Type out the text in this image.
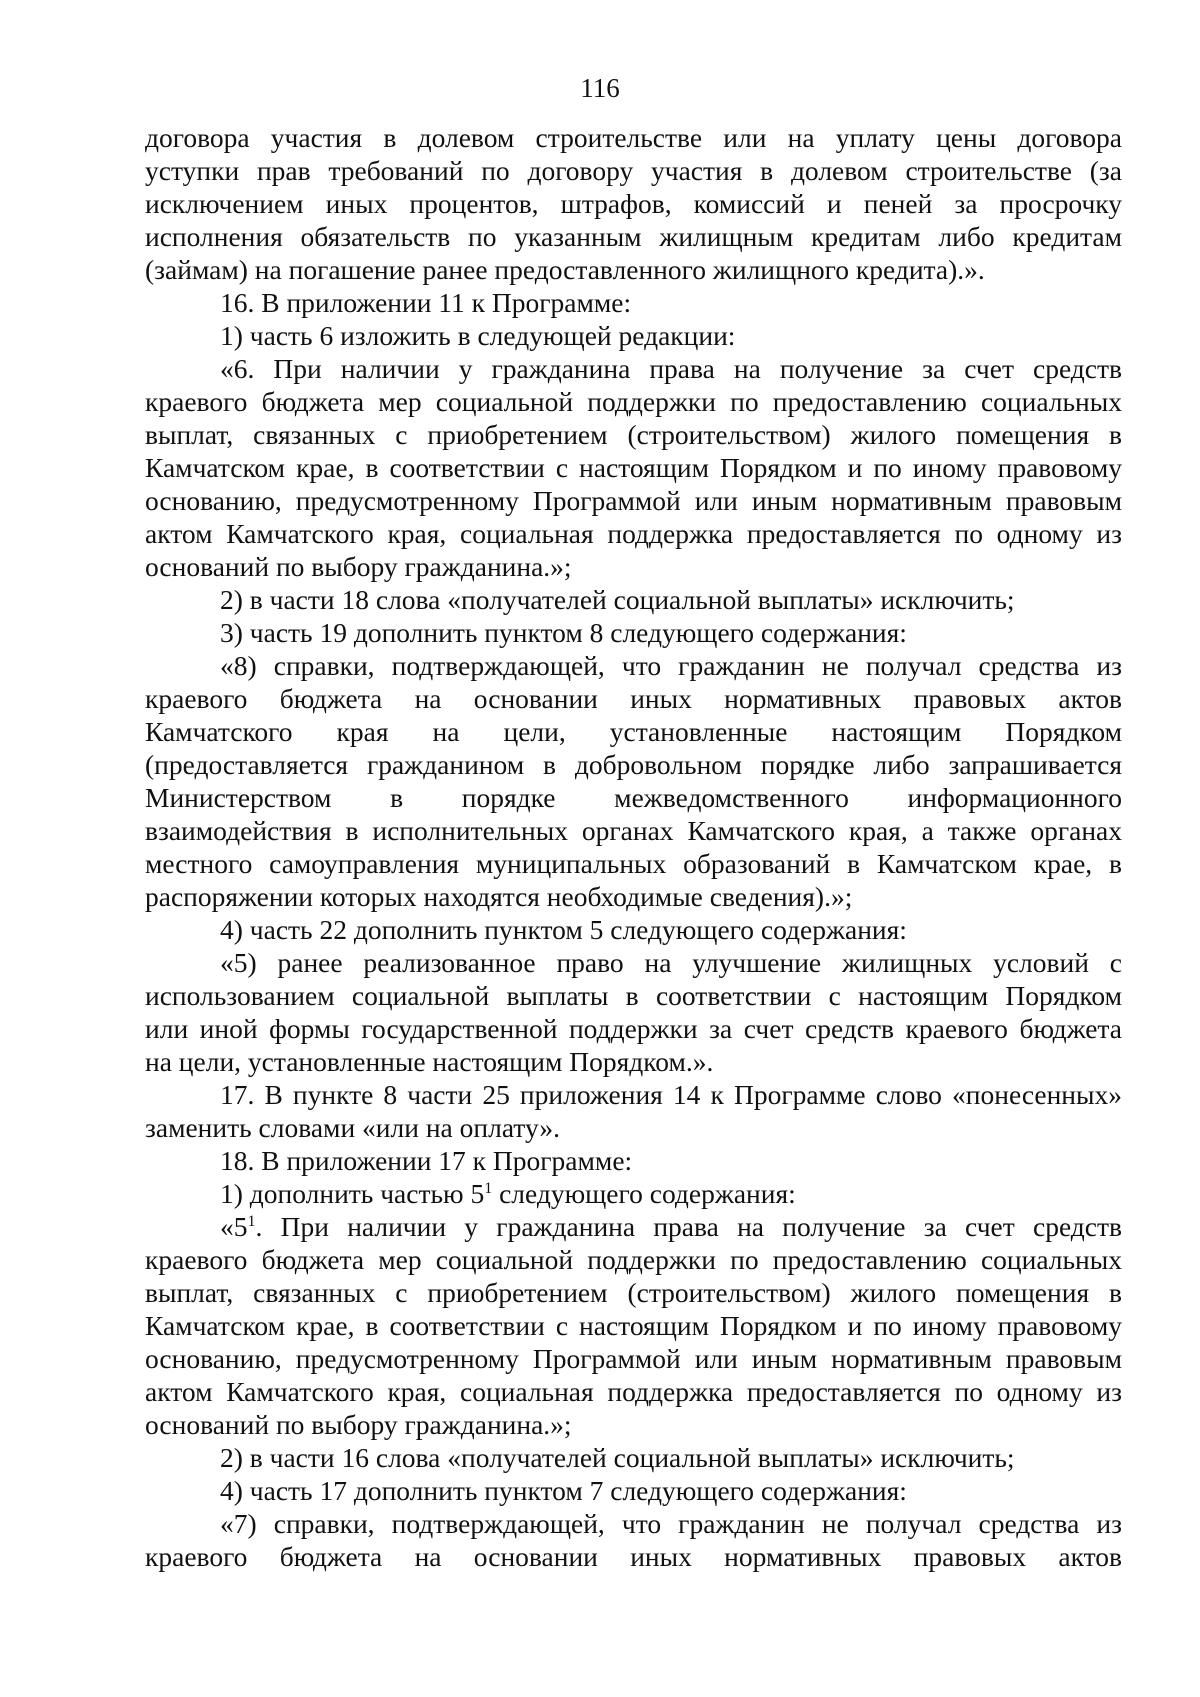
116
договора участия в долевом строительстве или на уплату цены договора
уступки прав требований по договору участия в долевом строительстве (за
исключением иных процентов, штрафов, комиссий и пеней за просрочку
исполнения обязательств по указанным жилищным кредитам либо кредитам
(займам) на погашение ранее предоставленного жилищного кредита).».
16. В приложении 11 к Программе:
1) часть 6 изложить в следующей редакции:
«6. При наличии у гражданина права на получение за счет средств
краевого бюджета мер социальной поддержки по предоставлению социальных
выплат, связанных с приобретением (строительством) жилого помещения в
Камчатском крае, в соответствии с настоящим Порядком и по иному правовому
основанию, предусмотренному Программой или иным нормативным правовым
актом Камчатского края, социальная поддержка предоставляется по одному из
оснований по выбору гражданина.»;
2) в части 18 слова «получателей социальной выплаты» исключить;
3) часть 19 дополнить пунктом 8 следующего содержания:
«8) справки, подтверждающей, что гражданин не получал средства из
краевого бюджета на основании иных нормативных правовых актов
Камчатского края на цели, установленные настоящим Порядком
(предоставляется гражданином в добровольном порядке либо запрашивается
Министерством в порядке межведомственного информационного
взаимодействия в исполнительных органах Камчатского края, а также органах
местного самоуправления муниципальных образований в Камчатском крае, в
распоряжении которых находятся необходимые сведения).»;
4) часть 22 дополнить пунктом 5 следующего содержания:
«5) ранее реализованное право на улучшение жилищных условий с
использованием социальной выплаты в соответствии с настоящим Порядком
или иной формы государственной поддержки за счет средств краевого бюджета
на цели, установленные настоящим Порядком.».
17. В пункте 8 части 25 приложения 14 к Программе слово «понесенных»
заменить словами «или на оплату».
18. В приложении 17 к Программе:
1) дополнить частью $5^1$ следующего содержания:
«$5^1$. При наличии у гражданина права на получение за счет средств
краевого бюджета мер социальной поддержки по предоставлению социальных
выплат, связанных с приобретением (строительством) жилого помещения в
Камчатском крае, в соответствии с настоящим Порядком и по иному правовому
основанию, предусмотренному Программой или иным нормативным правовым
актом Камчатского края, социальная поддержка предоставляется по одному из
оснований по выбору гражданина.»;
2) в части 16 слова «получателей социальной выплаты» исключить;
4) часть 17 дополнить пунктом 7 следующего содержания:
«7) справки, подтверждающей, что гражданин не получал средства из
краевого бюджета на основании иных нормативных правовых актов
